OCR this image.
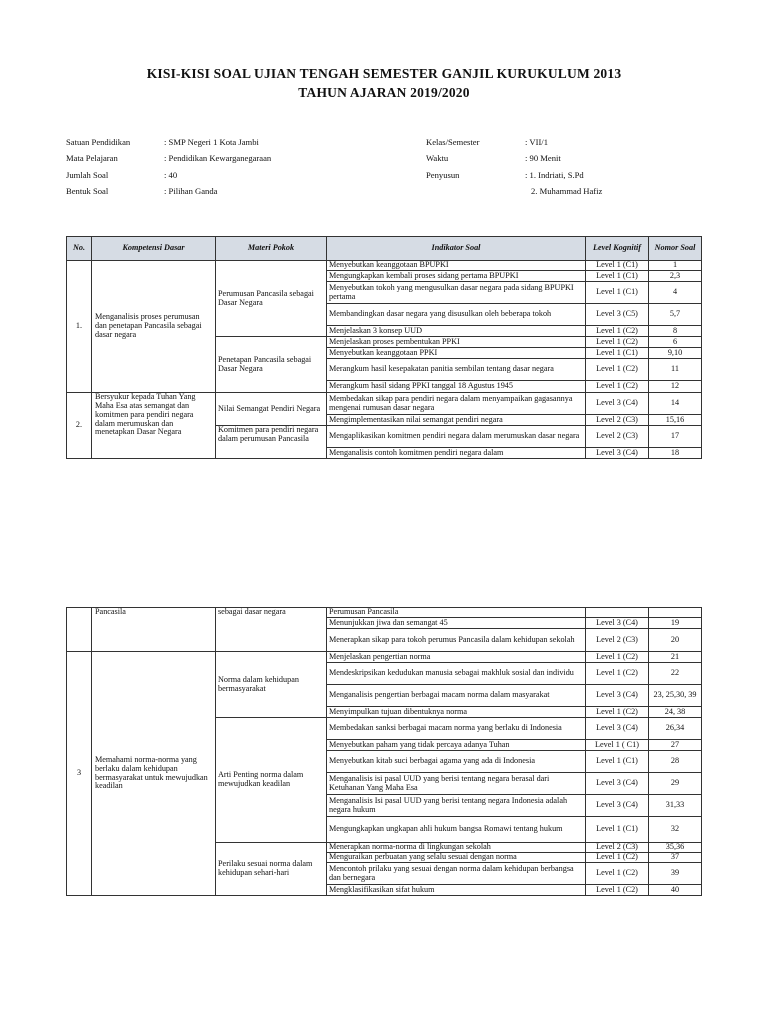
KISI-KISI SOAL UJIAN TENGAH SEMESTER GANJIL KURUKULUM 2013
TAHUN AJARAN 2019/2020
Satuan Pendidikan	: SMP Negeri 1 Kota Jambi
Mata Pelajaran	: Pendidikan Kewarganegaraan
Jumlah Soal	: 40
Bentuk Soal	: Pilihan Ganda
Kelas/Semester	: VII/1
Waktu	: 90 Menit
Penyusun	: 1. Indriati, S.Pd
2. Muhammad Hafiz
No.	Kompetensi Dasar	Materi Pokok	Indikator Soal	Level Kognitif	Nomor Soal
1.	Menganalisis proses perumusan dan penetapan Pancasila sebagai dasar negara	Perumusan Pancasila sebagai Dasar Negara	Menyebutkan keanggotaan BPUPKI	Level 1 (C1)	1
			Mengungkapkan kembali proses sidang pertama BPUPKI	Level 1 (C1)	2,3
			Menyebutkan tokoh yang mengusulkan dasar negara pada sidang BPUPKI pertama	Level 1 (C1)	4
			Membandingkan dasar negara yang disusulkan oleh beberapa tokoh	Level 3 (C5)	5,7
			Menjelaskan 3 konsep UUD	Level 1 (C2)	8
		Penetapan Pancasila sebagai Dasar Negara	Menjelaskan proses pembentukan PPKI	Level 1 (C2)	6
			Menyebutkan keanggotaan PPKI	Level 1 (C1)	9,10
			Merangkum hasil kesepakatan panitia sembilan tentang dasar negara	Level 1 (C2)	11
			Merangkum hasil sidang PPKI tanggal 18 Agustus 1945	Level 1 (C2)	12
2.	Bersyukur kepada Tuhan Yang Maha Esa atas semangat dan komitmen para pendiri negara dalam merumuskan dan menetapkan Dasar Negara	Nilai Semangat Pendiri Negara	Membedakan sikap para pendiri negara dalam menyampaikan gagasannya mengenai rumusan dasar negara	Level 3 (C4)	14
			Mengimplementasikan nilai semangat pendiri negara	Level 2 (C3)	15,16
		Komitmen para pendiri negara dalam perumusan Pancasila	Mengaplikasikan komitmen pendiri negara dalam merumuskan dasar negara	Level 2 (C3)	17
			Menganalisis contoh komitmen pendiri negara dalam	Level 3 (C4)	18
	Pancasila	sebagai dasar negara	Perumusan Pancasila		
			Menunjukkan jiwa dan semangat 45	Level 3 (C4)	19
			Menerapkan sikap para tokoh perumus Pancasila dalam kehidupan sekolah	Level 2 (C3)	20
3	Memahami norma-norma yang berlaku dalam kehidupan bermasyarakat untuk mewujudkan keadilan	Norma dalam kehidupan bermasyarakat	Menjelaskan pengertian norma	Level 1 (C2)	21
			Mendeskripsikan kedudukan manusia sebagai makhluk sosial dan individu	Level 1 (C2)	22
			Menganalisis pengertian berbagai macam norma dalam masyarakat	Level 3 (C4)	23, 25,30, 39
			Menyimpulkan tujuan dibentuknya norma	Level 1 (C2)	24, 38
		Arti Penting norma dalam mewujudkan keadilan	Membedakan sanksi berbagai macam norma yang berlaku di Indonesia	Level 3 (C4)	26,34
			Menyebutkan paham yang tidak percaya adanya Tuhan	Level 1 ( C1)	27
			Menyebutkan kitab suci berbagai agama yang ada di Indonesia	Level 1 (C1)	28
			Menganalisis isi pasal UUD yang berisi tentang negara berasal dari Ketuhanan Yang Maha Esa	Level 3 (C4)	29
			Menganalisis Isi pasal UUD yang berisi tentang negara Indonesia adalah negara hukum	Level 3 (C4)	31,33
			Mengungkapkan ungkapan ahli hukum bangsa Romawi tentang hukum	Level 1 (C1)	32
		Perilaku sesuai norma dalam kehidupan sehari-hari	Menerapkan norma-norma di lingkungan sekolah	Level 2 (C3)	35,36
			Menguraikan perbuatan yang selalu sesuai dengan norma	Level 1 (C2)	37
			Mencontoh prilaku yang sesuai dengan norma dalam kehidupan berbangsa dan bernegara	Level 1 (C2)	39
			Mengklasifikasikan sifat hukum	Level 1 (C2)	40
